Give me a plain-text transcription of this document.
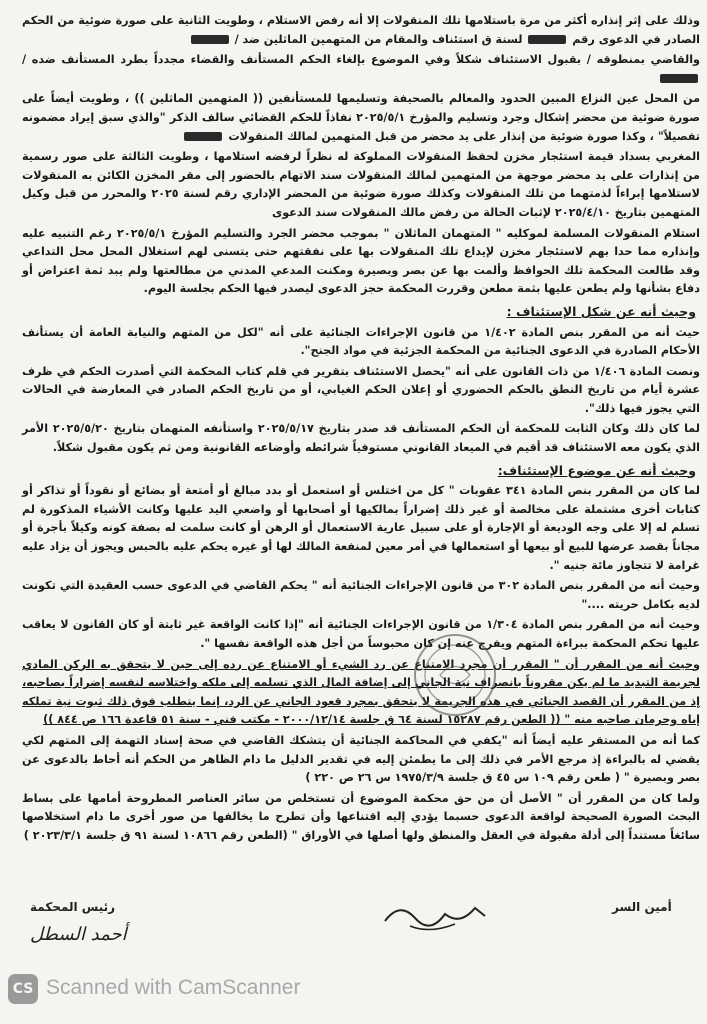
وذلك على إثر إنذاره أكثر من مرة باستلامها تلك المنقولات إلا أنه رفض الاستلام ، وطويت الثانية على صورة ضوئية من الحكم الصادر في الدعوى رقم  لسنة ق استئناف والمقام من المتهمين الماثلين ضد /

والقاضي بمنطوقه / بقبول الاستئناف شكلاً وفي الموضوع بإلغاء الحكم المستأنف والقضاء مجدداً بطرد المستأنف ضده /

من المحل عين النزاع المبين الحدود والمعالم بالصحيفة وتسليمها للمستأنفين (( المتهمين الماثلين )) ، وطويت أيضاً على صورة ضوئية من محضر إشكال وجرد وتسليم والمؤرخ ٢٠٢٥/٥/١ نفاذاً للحكم القضائي سالف الذكر "والذي سبق إيراد مضمونه تفصيلاً" ، وكذا صورة ضوئية من إنذار على يد محضر من قبل المتهمين لمالك المنقولات

المغربي بسداد قيمة استئجار مخزن لحفظ المنقولات المملوكة له نظراً لرفضه استلامها ، وطويت الثالثة على صور رسمية من إنذارات على يد محضر موجهة من المتهمين لمالك المنقولات سند الاتهام بالحضور إلى مقر المخزن الكائن به المنقولات لاستلامها إبراءاً لذمتهما من تلك المنقولات وكذلك صورة ضوئية من المحضر الإداري رقم لسنة ٢٠٢٥ والمحرر من قبل وكيل المتهمين بتاريخ ٢٠٢٥/٤/١٠ لإثبات الحالة من رفض مالك المنقولات سند الدعوى

استلام المنقولات المسلمة لموكليه " المتهمان الماثلان " بموجب محضر الجرد والتسليم المؤرخ ٢٠٢٥/٥/١ رغم التنبيه عليه وإنذاره مما حدا بهم لاستئجار مخزن لإيداع تلك المنقولات بها على نفقتهم حتى يتسنى لهم استغلال المحل محل التداعي وقد طالعت المحكمة تلك الحوافظ وألمت بها عن بصر وبصيرة ومكنت المدعي المدني من مطالعتها ولم يبد ثمة اعتراض أو دفاع بشأنها ولم يطعن عليها بثمة مطعن وقررت المحكمة حجز الدعوى ليصدر فيها الحكم بجلسة اليوم.

وحيث أنه عن شكل الإستئناف :

حيث أنه من المقرر بنص المادة ١/٤٠٢ من قانون الإجراءات الجنائية على أنه "لكل من المتهم والنيابة العامة أن يستأنف الأحكام الصادرة في الدعوى الجنائية من المحكمة الجزئية في مواد الجنح".

ونصت المادة ١/٤٠٦ من ذات القانون على أنه "يحصل الاستئناف بتقرير في قلم كتاب المحكمة التي أصدرت الحكم في ظرف عشرة أيام من تاريخ النطق بالحكم الحضوري أو إعلان الحكم الغيابي، أو من تاريخ الحكم الصادر في المعارضة في الحالات التي يجوز فيها ذلك".

لما كان ذلك وكان الثابت للمحكمة أن الحكم المستأنف قد صدر بتاريخ ٢٠٢٥/٥/١٧ واستأنفه المتهمان بتاريخ ٢٠٢٥/٥/٢٠ الأمر الذي يكون معه الاستئناف قد أقيم في الميعاد القانوني مستوفياً شرائطه وأوضاعه القانونية ومن ثم يكون مقبول شكلاً.

وحيث أنه عن موضوع الإستئناف:

لما كان من المقرر بنص المادة ٣٤١ عقوبات " كل من اختلس أو استعمل أو بدد مبالغ أو أمتعة أو بضائع أو نقوداً أو تذاكر أو كتابات أخرى مشتملة على مخالصة أو غير ذلك إضراراً بمالكيها أو أصحابها أو واضعي اليد عليها وكانت الأشياء المذكورة لم تسلم له إلا على وجه الوديعة أو الإجارة أو على سبيل عارية الاستعمال أو الرهن أو كانت سلمت له بصفة كونه وكيلاً بأجرة أو مجاناً بقصد عرضها للبيع أو بيعها أو استعمالها في أمر معين لمنفعة المالك لها أو غيره يحكم عليه بالحبس ويجوز أن يزاد عليه غرامة لا تتجاوز مائة جنيه ".

وحيث أنه من المقرر بنص المادة ٣٠٢ من قانون الإجراءات الجنائية أنه " يحكم القاضي في الدعوى حسب العقيدة التي تكونت لديه بكامل حريته ...."

وحيث أنه من المقرر بنص المادة ١/٣٠٤ من قانون الإجراءات الجنائية أنه "إذا كانت الواقعة غير ثابتة أو كان القانون لا يعاقب عليها تحكم المحكمة ببراءة المتهم ويفرج عنه إن كان محبوساً من أجل هذه الواقعة نفسها ".

وحيث أنه من المقرر أن " المقرر أن مجرد الامتناع عن رد الشيء أو الامتناع عن رده إلى حين لا يتحقق به الركن المادي لجريمة التبديد ما لم يكن مقروناً بانصراف نية الجاني إلى إضافة المال الذي تسلمه إلى ملكه واختلاسه لنفسه إضراراً بصاحبه، إذ من المقرر أن القصد الجنائي في هذه الجريمة لا يتحقق بمجرد قعود الجاني عن الرد، إنما يتطلب فوق ذلك ثبوت نية تملكه إياه وحرمان صاحبه منه " (( الطعن رقم ١٥٢٨٧ لسنة ٦٤ ق جلسة ٢٠٠٠/١٢/١٤ - مكتب فني - سنة ٥١ قاعدة ١٦٦ ص ٨٤٤ ))

كما أنه من المستقر عليه أيضاً أنه "يكفي في المحاكمة الجنائية أن يتشكك القاضي في صحة إسناد التهمة إلى المتهم لكي يقضي له بالبراءة إذ مرجع الأمر في ذلك إلى ما يطمئن إليه في تقدير الدليل ما دام الظاهر من الحكم أنه أحاط بالدعوى عن بصر وبصيرة " ( طعن رقم ١٠٩ س ٤٥ ق جلسة ١٩٧٥/٣/٩ س ٢٦ ص ٢٢٠ )

ولما كان من المقرر أن " الأصل أن من حق محكمة الموضوع أن تستخلص من سائر العناصر المطروحة أمامها على بساط البحث الصورة الصحيحة لواقعة الدعوى حسبما يؤدي إليه اقتناعها وأن تطرح ما يخالفها من صور أخرى ما دام استخلاصها سائغاً مستنداً إلى أدلة مقبولة في العقل والمنطق ولها أصلها في الأوراق " (الطعن رقم ١٠٨٦٦ لسنة ٩١ ق جلسة ٢٠٢٣/٣/١ )

أمين السر
رئيس المحكمة
أحمد السطل
CS Scanned with CamScanner
